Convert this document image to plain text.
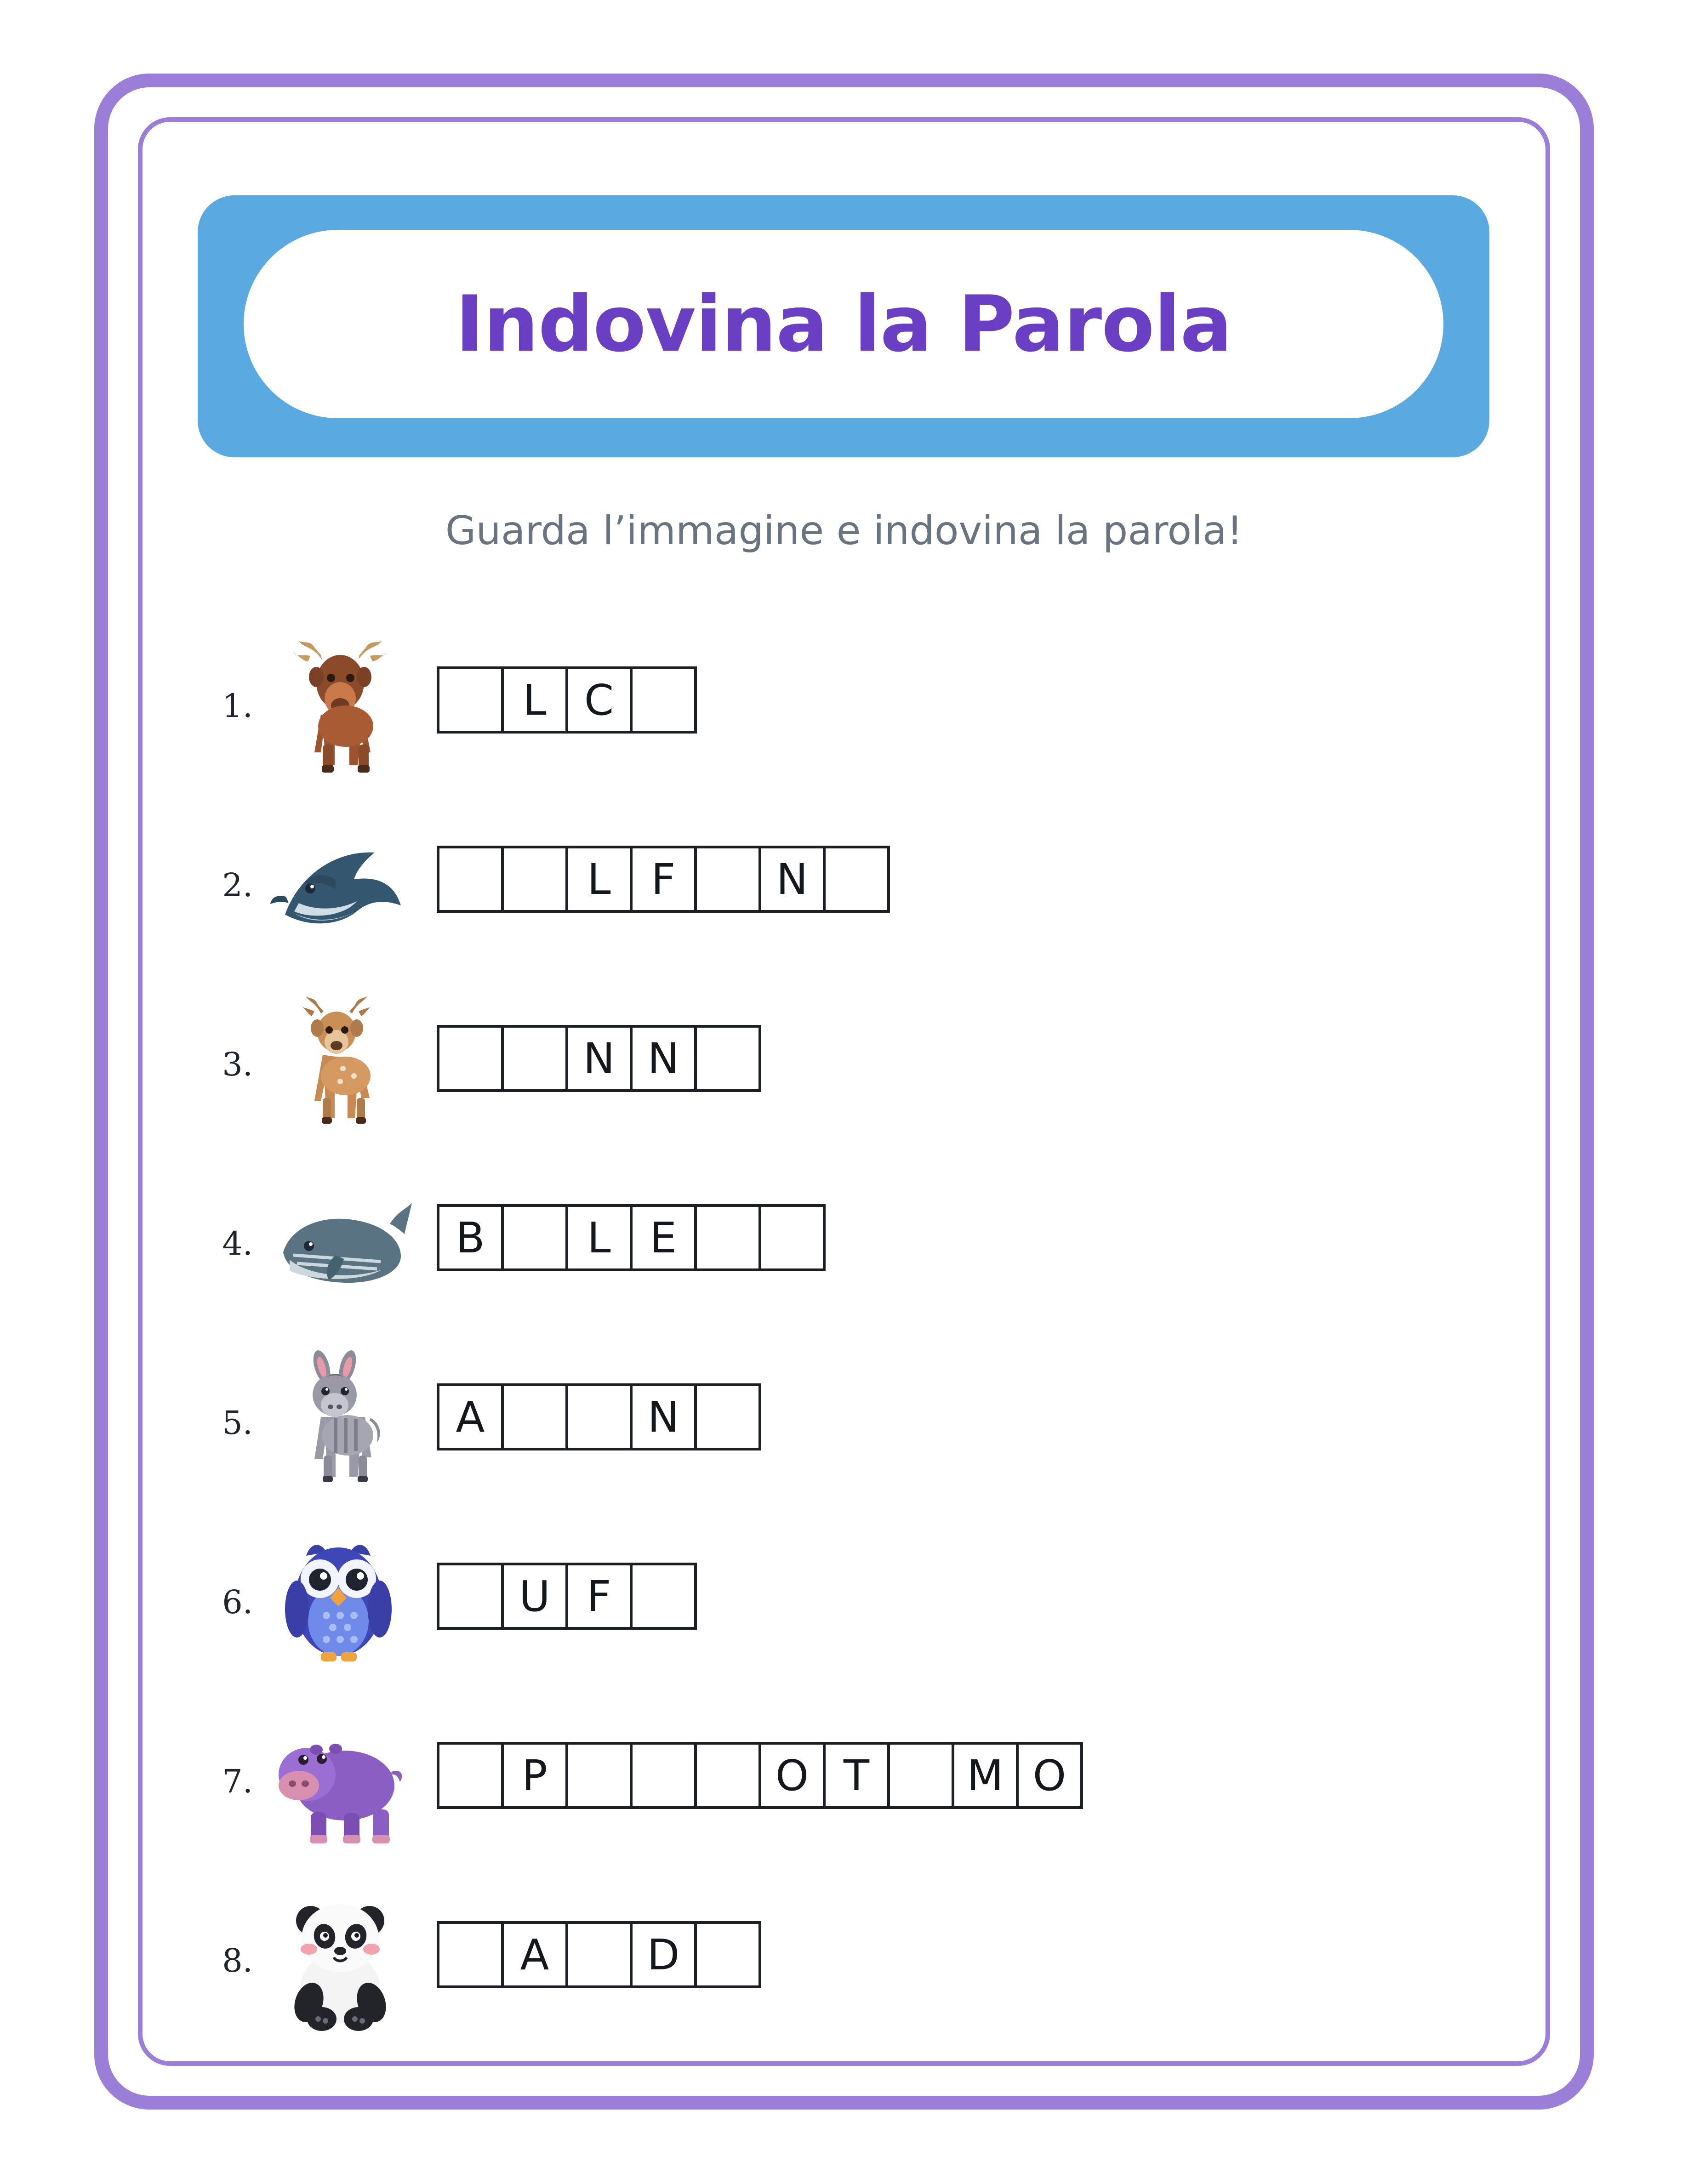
Indovina la Parola
Guarda l’immagine e indovina la parola!
1.	L C
2.	L F	N
3.	N N
4.	B	L E
5.	A	N
6.	U F
7.	P	O T	M O
8.	A	D
